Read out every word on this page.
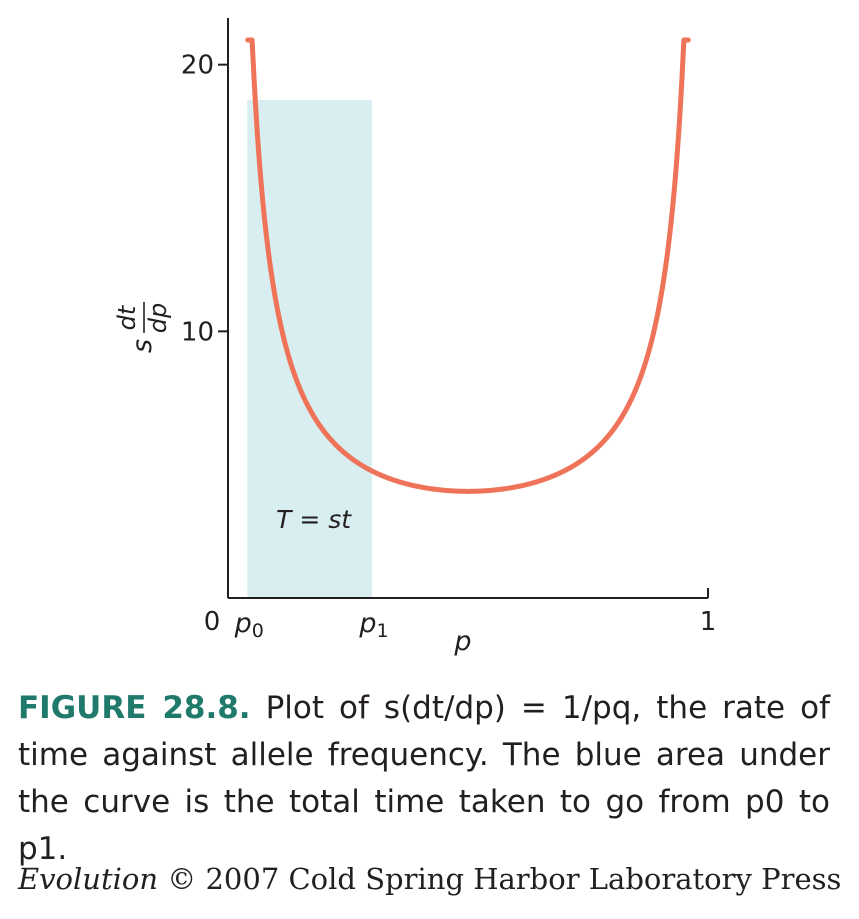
T = st
10
20
1
0 p0	p1 p
s
dt dp
FIGURE 28.8. Plot of s(dt/dp) = 1/pq, the rate of time against allele frequency. The blue area under the curve is the total time taken to go from p0 to p1.
Evolution © 2007 Cold Spring Harbor Laboratory Press
